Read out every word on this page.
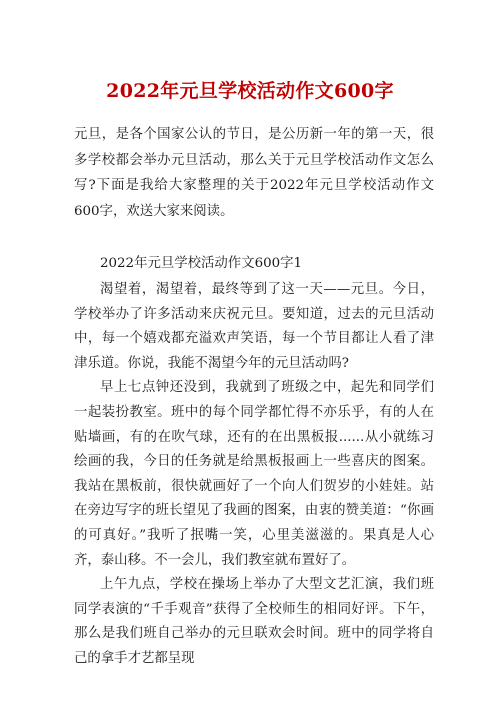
2022年元旦学校活动作文600字

元旦，是各个国家公认的节日，是公历新一年的第一天，很多学校都会举办元旦活动，那么关于元旦学校活动作文怎么写?下面是我给大家整理的关于2022年元旦学校活动作文600字，欢送大家来阅读。

2022年元旦学校活动作文600字1

渴望着，渴望着，最终等到了这一天——元旦。今日，学校举办了许多活动来庆祝元旦。要知道，过去的元旦活动中，每一个嬉戏都充溢欢声笑语，每一个节目都让人看了津津乐道。你说，我能不渴望今年的元旦活动吗?

早上七点钟还没到，我就到了班级之中，起先和同学们一起装扮教室。班中的每个同学都忙得不亦乐乎，有的人在贴墙画，有的在吹气球，还有的在出黑板报......从小就练习绘画的我，今日的任务就是给黑板报画上一些喜庆的图案。我站在黑板前，很快就画好了一个向人们贺岁的小娃娃。站在旁边写字的班长望见了我画的图案，由衷的赞美道：“你画的可真好。”我听了抿嘴一笑，心里美滋滋的。果真是人心齐，泰山移。不一会儿，我们教室就布置好了。

上午九点，学校在操场上举办了大型文艺汇演，我们班同学表演的“千手观音”获得了全校师生的相同好评。下午，那么是我们班自己举办的元旦联欢会时间。班中的同学将自己的拿手才艺都呈现
